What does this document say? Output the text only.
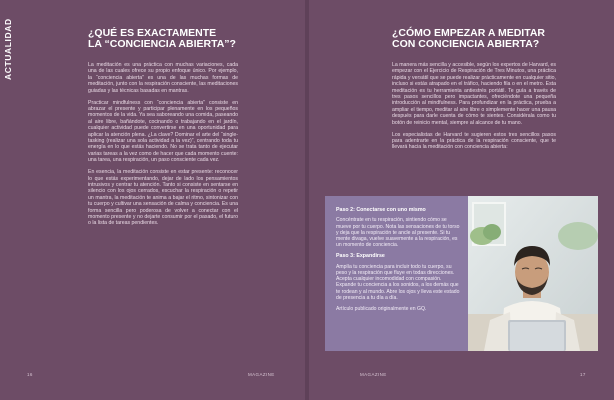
ACTUALIDAD	¿QUÉ ES EXACTAMENTE
LA “CONCIENCIA ABIERTA”?

La meditación es una práctica con muchas variaciones, cada una de las cuales ofrece su propio enfoque único. Por ejemplo, la “conciencia abierta” es una de las muchas formas de meditación, junto con la respiración consciente, las meditaciones guiadas y las técnicas basadas en mantras.

Practicar mindfulness con “conciencia abierta” consiste en abrazar el presente y participar plenamente en los pequeños momentos de la vida. Ya sea saboreando una comida, paseando al aire libre, bañándote, cocinando o trabajando en el jardín, cualquier actividad puede convertirse en una oportunidad para aplicar la atención plena. ¿La clave? Dominar el arte del “single-tasking (realizar una sola actividad a la vez)”, centrando toda tu energía en lo que estás haciendo. No se trata tanto de ejecutar varias tareas a la vez como de hacer que cada momento cuente: una tarea, una respiración, un paso consciente cada vez.

En esencia, la meditación consiste en estar presente: reconocer lo que estás experimentando, dejar de lado los pensamientos intrusivos y centrar tu atención. Tanto si consiste en sentarse en silencio con los ojos cerrados, escuchar la respiración o repetir un mantra, la meditación te anima a bajar el ritmo, sintonizar con tu cuerpo y cultivar una sensación de calma y conciencia. Es una forma sencilla pero poderosa de volver a conectar con el momento presente y no dejarte consumir por el pasado, el futuro o la lista de tareas pendientes.

¿CÓMO EMPEZAR A MEDITAR
CON CONCIENCIA ABIERTA?

La manera más sencilla y accesible, según los expertos de Harvard, es empezar con el Ejercicio de Respiración de Tres Minutos, una práctica rápida y versátil que se puede realizar prácticamente en cualquier sitio, incluso si estás atrapado en el tráfico, haciendo fila o en el metro. Esta meditación es tu herramienta antiestrés portátil. Te guía a través de tres pasos sencillos pero impactantes, ofreciéndote una pequeña introducción al mindfulness. Para profundizar en la práctica, prueba a ampliar el tiempo, meditar al aire libre o simplemente hacer una pausa después para darle cuenta de cómo te sientes. Considérala como tu botón de reinicio mental, siempre al alcance de tu mano.

Los especialistas de Harvard te sugieren estos tres sencillos pasos para adentrarte en la práctica de la respiración consciente, que te llevará hacia la meditación con conciencia abierta:

Paso 2: Conectarse con uno mismo

Concéntrate en tu respiración, sintiendo cómo se mueve por tu cuerpo. Nota las sensaciones de tu torso y deja que la respiración te ancle al presente. Si tu mente divaga, vuelve suavemente a la respiración, es un momento de conciencia.

Paso 3: Expandirse

Amplía tu conciencia para incluir todo tu cuerpo, su peso y la respiración que fluye en todas direcciones. Acepta cualquier incomodidad con compasión. Expande tu conciencia a los sonidos, a los demás que te rodean y al mundo. Abre los ojos y lleva este estado de presencia a tu día a día.

Artículo publicado originalmente en GQ.

16	MAGAZINE	MAGAZINE	17
